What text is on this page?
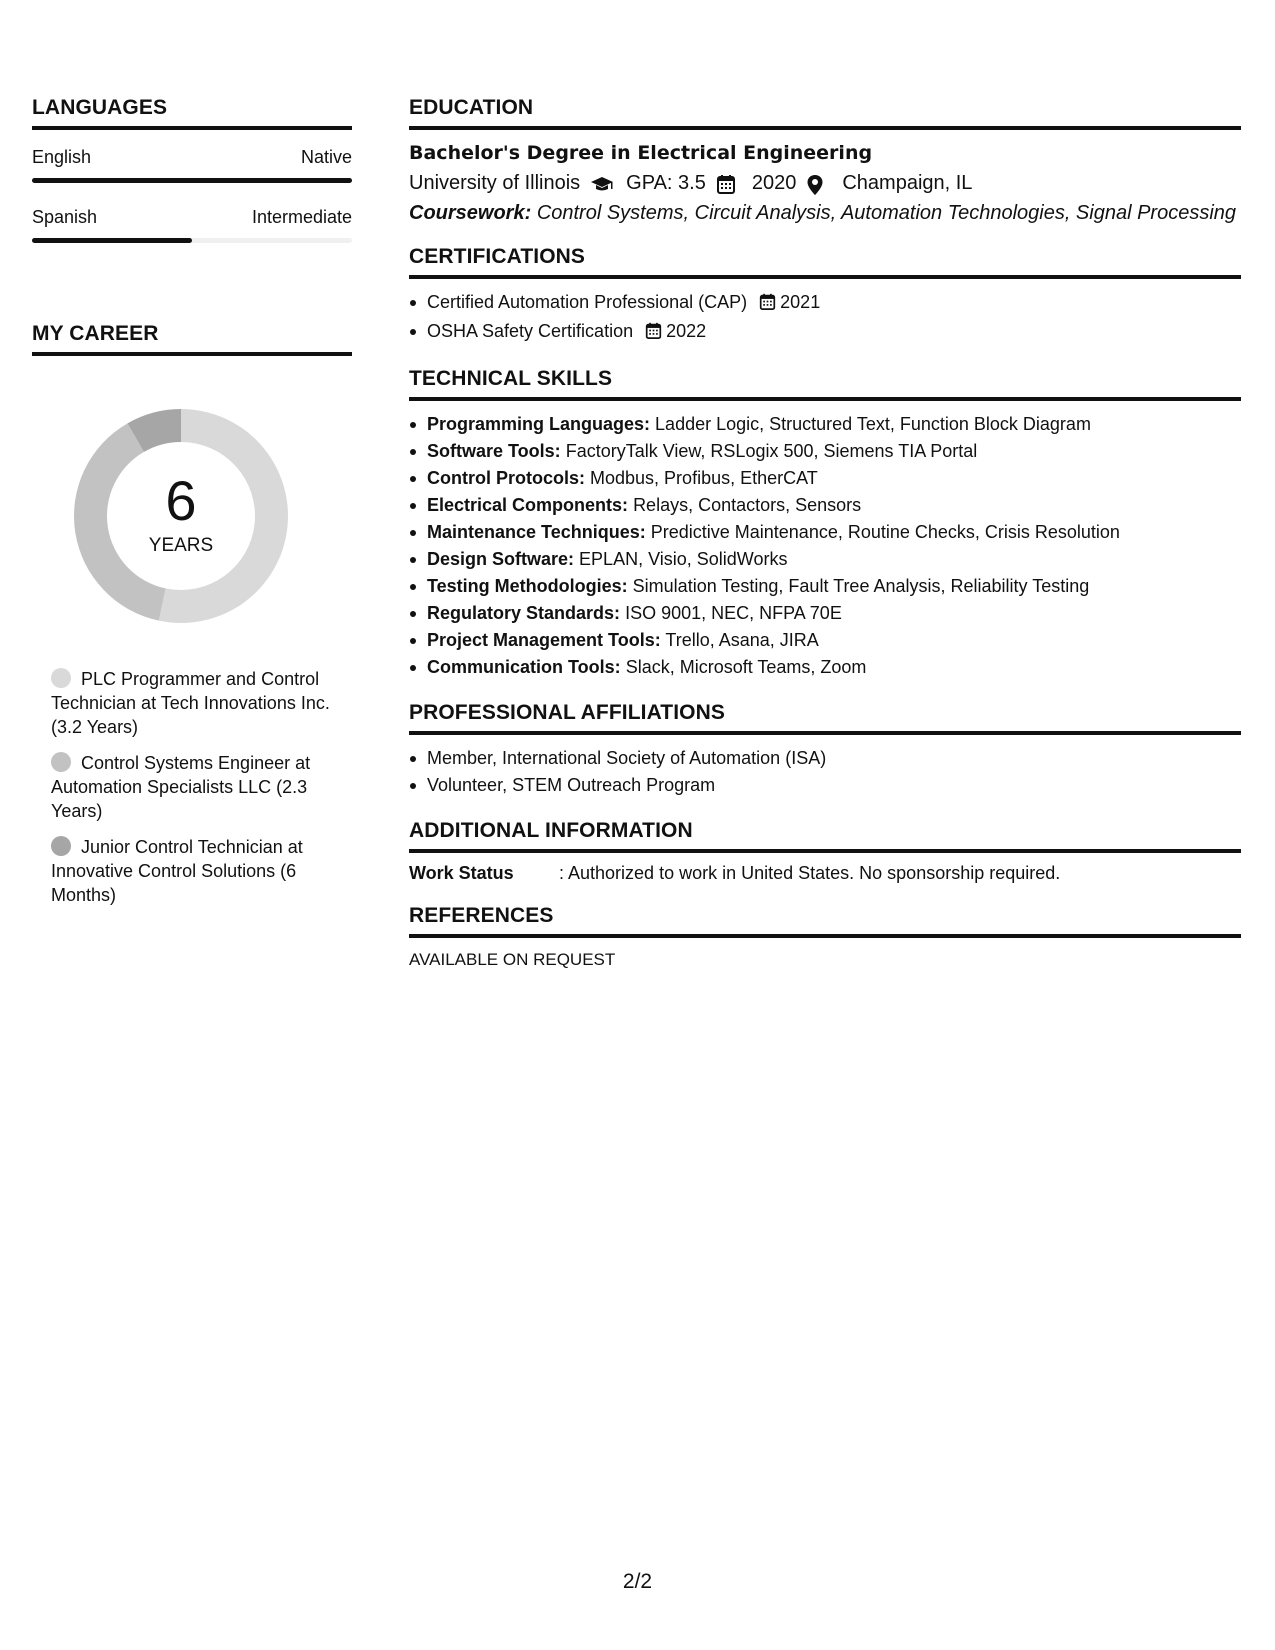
LANGUAGES
English	Native
Spanish	Intermediate
MY CAREER
6
YEARS
PLC Programmer and Control Technician at Tech Innovations Inc. (3.2 Years)
Control Systems Engineer at Automation Specialists LLC (2.3 Years)
Junior Control Technician at Innovative Control Solutions (6 Months)
EDUCATION
Bachelor's Degree in Electrical Engineering
University of Illinois GPA: 3.5 2020 Champaign, IL
Coursework: Control Systems, Circuit Analysis, Automation Technologies, Signal Processing
CERTIFICATIONS
Certified Automation Professional (CAP) 2021
OSHA Safety Certification 2022
TECHNICAL SKILLS
Programming Languages: Ladder Logic, Structured Text, Function Block Diagram
Software Tools: FactoryTalk View, RSLogix 500, Siemens TIA Portal
Control Protocols: Modbus, Profibus, EtherCAT
Electrical Components: Relays, Contactors, Sensors
Maintenance Techniques: Predictive Maintenance, Routine Checks, Crisis Resolution
Design Software: EPLAN, Visio, SolidWorks
Testing Methodologies: Simulation Testing, Fault Tree Analysis, Reliability Testing
Regulatory Standards: ISO 9001, NEC, NFPA 70E
Project Management Tools: Trello, Asana, JIRA
Communication Tools: Slack, Microsoft Teams, Zoom
PROFESSIONAL AFFILIATIONS
Member, International Society of Automation (ISA)
Volunteer, STEM Outreach Program
ADDITIONAL INFORMATION
Work Status	: Authorized to work in United States. No sponsorship required.
REFERENCES
AVAILABLE ON REQUEST
2/2
